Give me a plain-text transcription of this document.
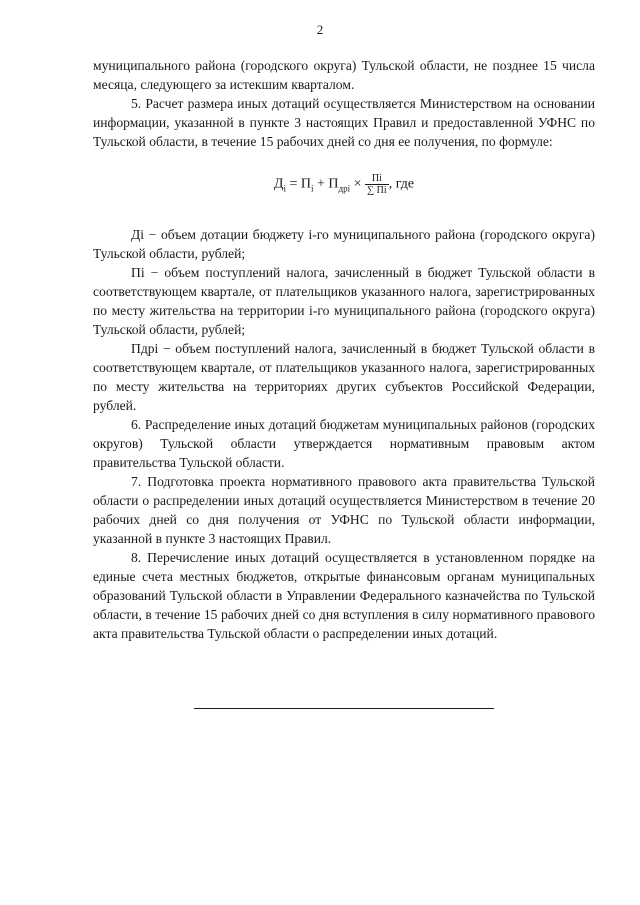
2

муниципального района (городского округа) Тульской области, не позднее 15 числа месяца, следующего за истекшим кварталом.

5. Расчет размера иных дотаций осуществляется Министерством на основании информации, указанной в пункте 3 настоящих Правил и предоставленной УФНС по Тульской области, в течение 15 рабочих дней со дня ее получения, по формуле:

$Д_i = П_i + П_{дрi} \times \frac{Пi}{\sum Пi}$ , где

Дi − объем дотации бюджету i-го муниципального района (городского округа) Тульской области, рублей;

Пi − объем поступлений налога, зачисленный в бюджет Тульской области в соответствующем квартале, от плательщиков указанного налога, зарегистрированных по месту жительства на территории i-го муниципального района (городского округа) Тульской области, рублей;

Пдрi − объем поступлений налога, зачисленный в бюджет Тульской области в соответствующем квартале, от плательщиков указанного налога, зарегистрированных по месту жительства на территориях других субъектов Российской Федерации, рублей.

6. Распределение иных дотаций бюджетам муниципальных районов (городских округов) Тульской области утверждается нормативным правовым актом правительства Тульской области.

7. Подготовка проекта нормативного правового акта правительства Тульской области о распределении иных дотаций осуществляется Министерством в течение 20 рабочих дней со дня получения от УФНС по Тульской области информации, указанной в пункте 3 настоящих Правил.

8. Перечисление иных дотаций осуществляется в установленном порядке на единые счета местных бюджетов, открытые финансовым органам муниципальных образований Тульской области в Управлении Федерального казначейства по Тульской области, в течение 15 рабочих дней со дня вступления в силу нормативного правового акта правительства Тульской области о распределении иных дотаций.
